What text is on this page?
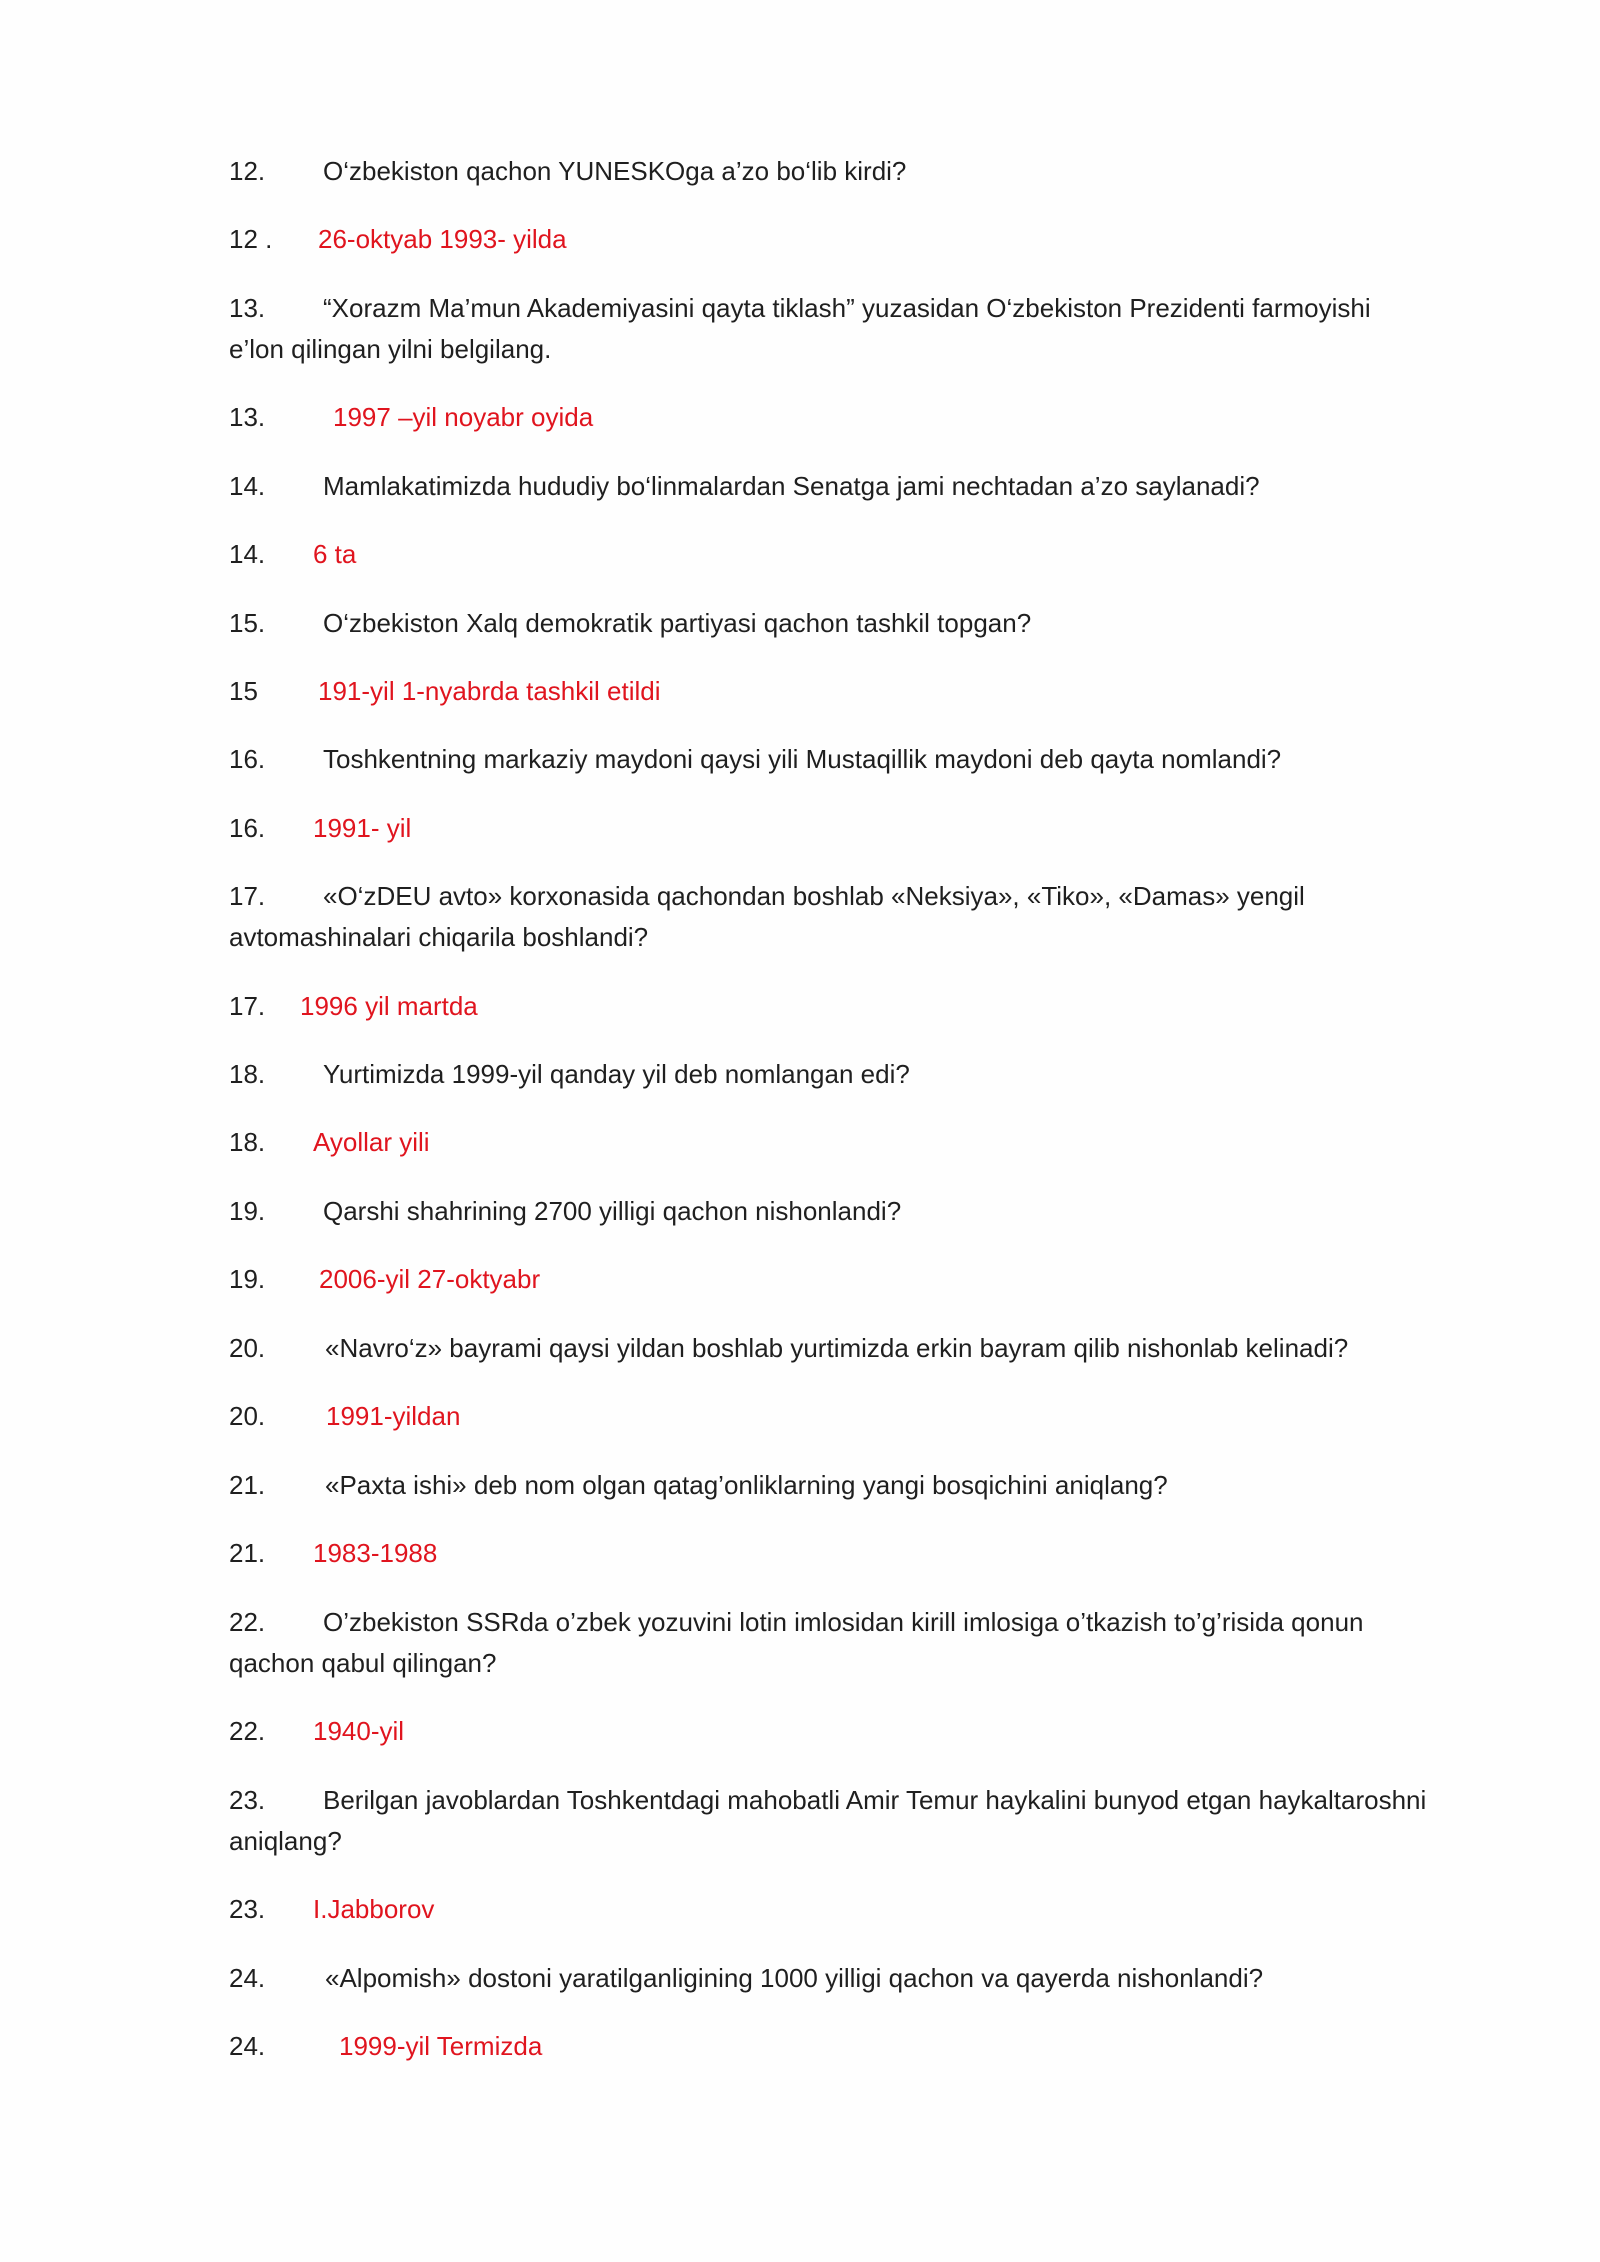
12. O‘zbekiston qachon YUNESKOga a’zo bo‘lib kirdi?
12 . 26-oktyab 1993- yilda
13. “Xorazm Ma’mun Akademiyasini qayta tiklash” yuzasidan O‘zbekiston Prezidenti farmoyishi e’lon qilingan yilni belgilang.
13.	1997 –yil noyabr oyida
14. Mamlakatimizda hududiy bo‘linmalardan Senatga jami nechtadan a’zo saylanadi?
14. 6 ta
15. O‘zbekiston Xalq demokratik partiyasi qachon tashkil topgan?
15 191-yil 1-nyabrda tashkil etildi
16. Toshkentning markaziy maydoni qaysi yili Mustaqillik maydoni deb qayta nomlandi?
16. 1991- yil
17. «O‘zDEU avto» korxonasida qachondan boshlab «Neksiya», «Tiko», «Damas» yengil avtomashinalari chiqarila boshlandi?
17. 1996 yil martda
18. Yurtimizda 1999-yil qanday yil deb nomlangan edi?
18. Ayollar yili
19. Qarshi shahrining 2700 yilligi qachon nishonlandi?
19. 2006-yil 27-oktyabr
20. «Navro‘z» bayrami qaysi yildan boshlab yurtimizda erkin bayram qilib nishonlab kelinadi?
20. 1991-yildan
21. «Paxta ishi» deb nom olgan qatag’onliklarning yangi bosqichini aniqlang?
21. 1983-1988
22. O’zbekiston SSRda o’zbek yozuvini lotin imlosidan kirill imlosiga o’tkazish to’g’risida qonun qachon qabul qilingan?
22. 1940-yil
23. Berilgan javoblardan Toshkentdagi mahobatli Amir Temur haykalini bunyod etgan haykaltaroshni aniqlang?
23. I.Jabborov
24. «Alpomish» dostoni yaratilganligining 1000 yilligi qachon va qayerda nishonlandi?
24.	1999-yil Termizda
